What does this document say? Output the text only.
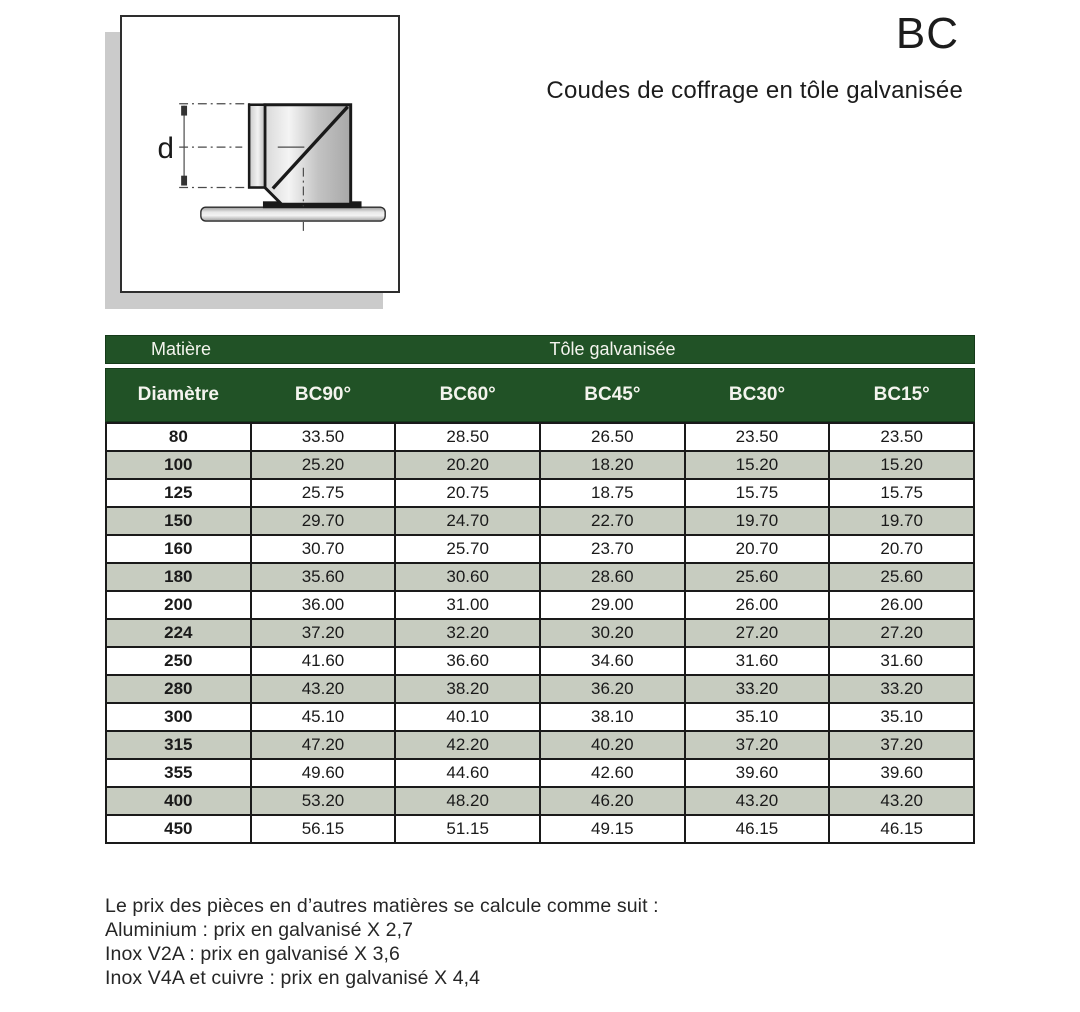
d
BC
Coudes de coffrage en tôle galvanisée
Matière	Tôle galvanisée
Diamètre	BC90°	BC60°	BC45°	BC30°	BC15°
80	33.50	28.50	26.50	23.50	23.50
100	25.20	20.20	18.20	15.20	15.20
125	25.75	20.75	18.75	15.75	15.75
150	29.70	24.70	22.70	19.70	19.70
160	30.70	25.70	23.70	20.70	20.70
180	35.60	30.60	28.60	25.60	25.60
200	36.00	31.00	29.00	26.00	26.00
224	37.20	32.20	30.20	27.20	27.20
250	41.60	36.60	34.60	31.60	31.60
280	43.20	38.20	36.20	33.20	33.20
300	45.10	40.10	38.10	35.10	35.10
315	47.20	42.20	40.20	37.20	37.20
355	49.60	44.60	42.60	39.60	39.60
400	53.20	48.20	46.20	43.20	43.20
450	56.15	51.15	49.15	46.15	46.15
Le prix des pièces en d’autres matières se calcule comme suit :
Aluminium : prix en galvanisé X 2,7
Inox V2A : prix en galvanisé X 3,6
Inox V4A et cuivre : prix en galvanisé X 4,4
